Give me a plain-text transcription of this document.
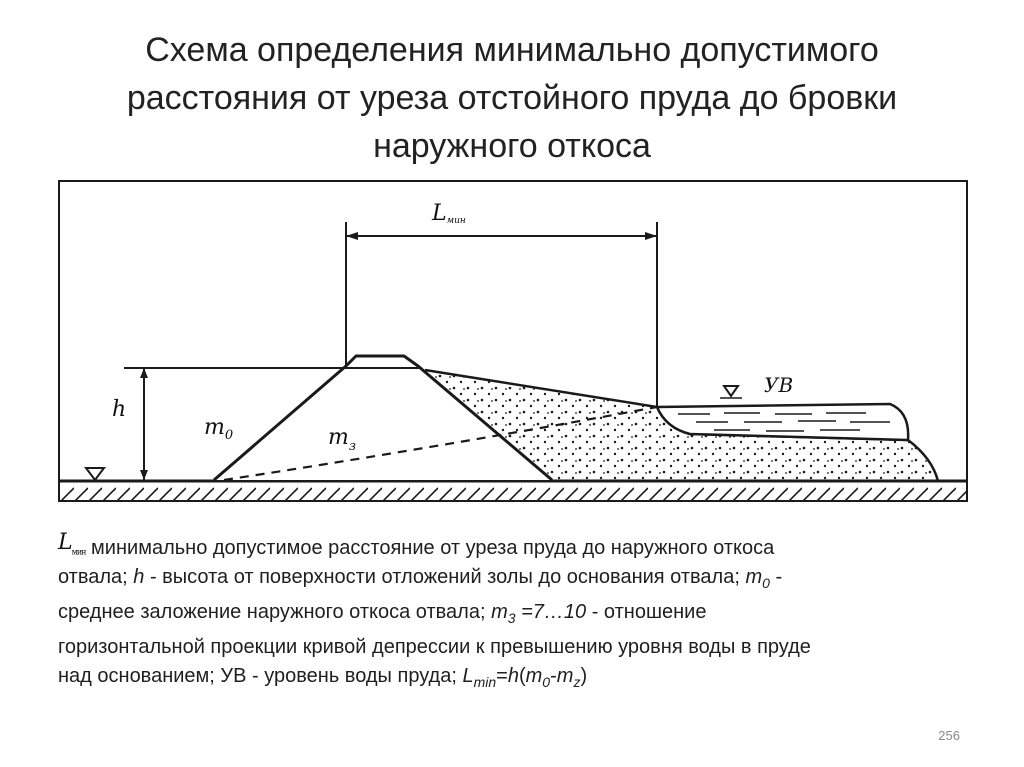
Схема определения минимально допустимого
расстояния от уреза отстойного пруда до бровки
наружного откоса
h
Lмин
$m_0$	$m_з$
УВ
$L_{мин}$ минимально допустимое расстояние от уреза пруда до наружного откоса
отвала; h - высота от поверхности отложений золы до основания отвала; $m_0$ -
среднее заложение наружного откоса отвала; $m_3$ =7…10 - отношение
горизонтальной проекции кривой депрессии к превышению уровня воды в пруде
над основанием; УВ - уровень воды пруда; $L_{min}=h(m_0-m_z)$
256
